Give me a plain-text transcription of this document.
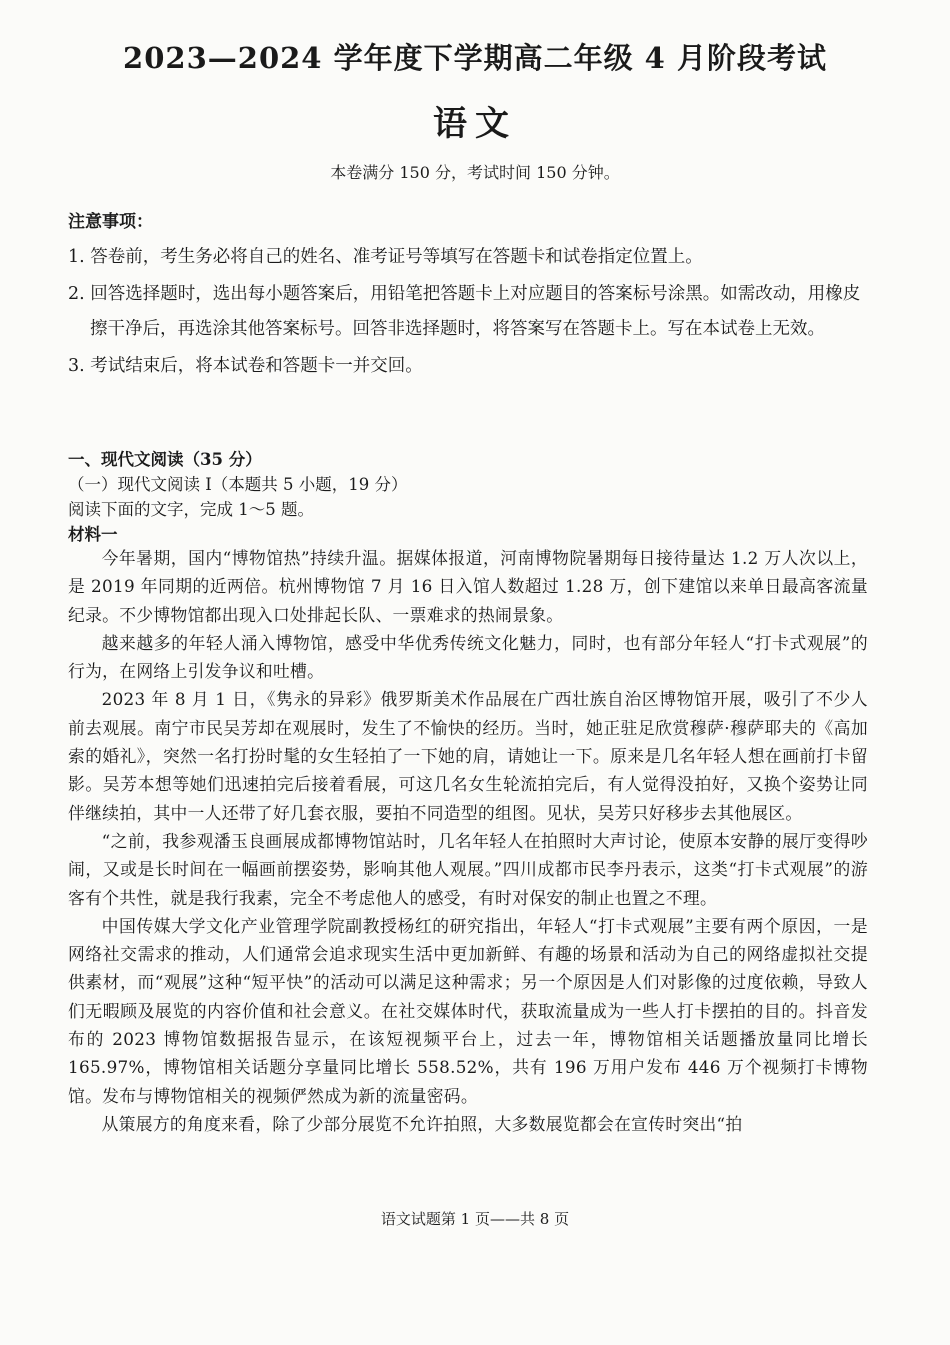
2023—2024 学年度下学期高二年级 4 月阶段考试
语文
本卷满分 150 分，考试时间 150 分钟。
注意事项：
1. 答卷前，考生务必将自己的姓名、准考证号等填写在答题卡和试卷指定位置上。
2. 回答选择题时，选出每小题答案后，用铅笔把答题卡上对应题目的答案标号涂黑。如需改动，用橡皮擦干净后，再选涂其他答案标号。回答非选择题时，将答案写在答题卡上。写在本试卷上无效。
3. 考试结束后，将本试卷和答题卡一并交回。
一、现代文阅读（35 分）
（一）现代文阅读 I（本题共 5 小题，19 分）
阅读下面的文字，完成 1～5 题。
材料一

今年暑期，国内“博物馆热”持续升温。据媒体报道，河南博物院暑期每日接待量达 1.2 万人次以上，是 2019 年同期的近两倍。杭州博物馆 7 月 16 日入馆人数超过 1.28 万，创下建馆以来单日最高客流量纪录。不少博物馆都出现入口处排起长队、一票难求的热闹景象。

越来越多的年轻人涌入博物馆，感受中华优秀传统文化魅力，同时，也有部分年轻人“打卡式观展”的行为，在网络上引发争议和吐槽。

2023 年 8 月 1 日，《隽永的异彩》俄罗斯美术作品展在广西壮族自治区博物馆开展，吸引了不少人前去观展。南宁市民吴芳却在观展时，发生了不愉快的经历。当时，她正驻足欣赏穆萨·穆萨耶夫的《高加索的婚礼》，突然一名打扮时髦的女生轻拍了一下她的肩，请她让一下。原来是几名年轻人想在画前打卡留影。吴芳本想等她们迅速拍完后接着看展，可这几名女生轮流拍完后，有人觉得没拍好，又换个姿势让同伴继续拍，其中一人还带了好几套衣服，要拍不同造型的组图。见状，吴芳只好移步去其他展区。

“之前，我参观潘玉良画展成都博物馆站时，几名年轻人在拍照时大声讨论，使原本安静的展厅变得吵闹，又或是长时间在一幅画前摆姿势，影响其他人观展。”四川成都市民李丹表示，这类“打卡式观展”的游客有个共性，就是我行我素，完全不考虑他人的感受，有时对保安的制止也置之不理。

中国传媒大学文化产业管理学院副教授杨红的研究指出，年轻人“打卡式观展”主要有两个原因，一是网络社交需求的推动，人们通常会追求现实生活中更加新鲜、有趣的场景和活动为自己的网络虚拟社交提供素材，而“观展”这种“短平快”的活动可以满足这种需求；另一个原因是人们对影像的过度依赖，导致人们无暇顾及展览的内容价值和社会意义。在社交媒体时代，获取流量成为一些人打卡摆拍的目的。抖音发布的 2023 博物馆数据报告显示，在该短视频平台上，过去一年，博物馆相关话题播放量同比增长 165.97%，博物馆相关话题分享量同比增长 558.52%，共有 196 万用户发布 446 万个视频打卡博物馆。发布与博物馆相关的视频俨然成为新的流量密码。

从策展方的角度来看，除了少部分展览不允许拍照，大多数展览都会在宣传时突出“拍

语文试题第 1 页——共 8 页
